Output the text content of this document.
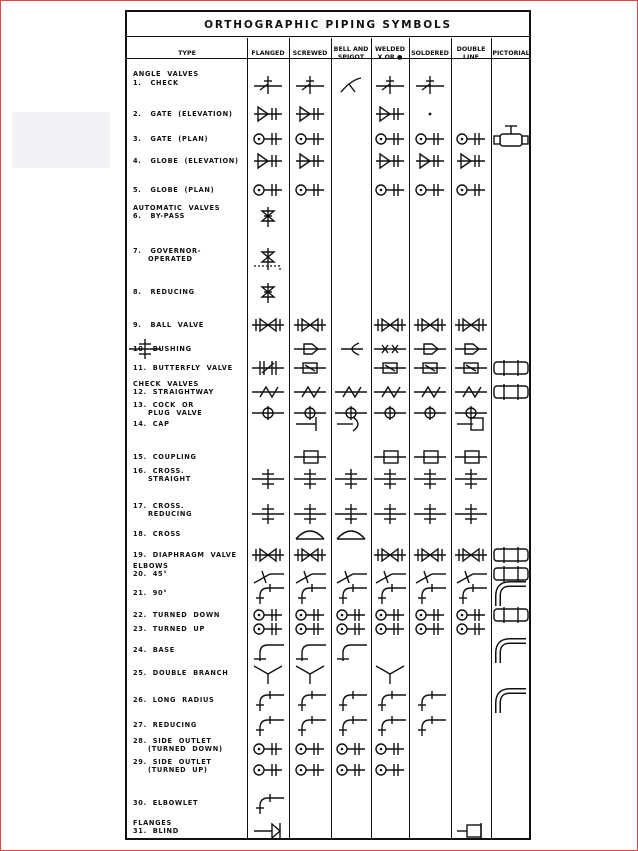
ORTHOGRAPHIC PIPING SYMBOLS
TYPE	FLANGED	SCREWED
BELL AND
SPIGOT
WELDED
X OR ●
SOLDERED
DOUBLE
LINE
PICTORIAL
ANGLE  VALVES
1.   CHECK
2.   GATE  (ELEVATION)
3.   GATE  (PLAN)
4.   GLOBE  (ELEVATION)
5.   GLOBE  (PLAN)
AUTOMATIC  VALVES
6.   BY-PASS
7.   GOVERNOR-
OPERATED
8.   REDUCING
9.   BALL  VALVE
10.  BUSHING
11.  BUTTERFLY  VALVE
CHECK  VALVES
12.  STRAIGHTWAY
13.  COCK  OR
PLUG  VALVE
14.  CAP
15.  COUPLING
16.  CROSS.
STRAIGHT
17.  CROSS.
REDUCING
18.  CROSS
19.  DIAPHRAGM  VALVE
ELBOWS
20.  45°
21.  90°
22.  TURNED  DOWN
23.  TURNED  UP
24.  BASE
25.  DOUBLE  BRANCH
26.  LONG  RADIUS
27.  REDUCING
28.  SIDE  OUTLET
(TURNED  DOWN)
29.  SIDE  OUTLET
(TURNED  UP)
30.  ELBOWLET
FLANGES
31.  BLIND
